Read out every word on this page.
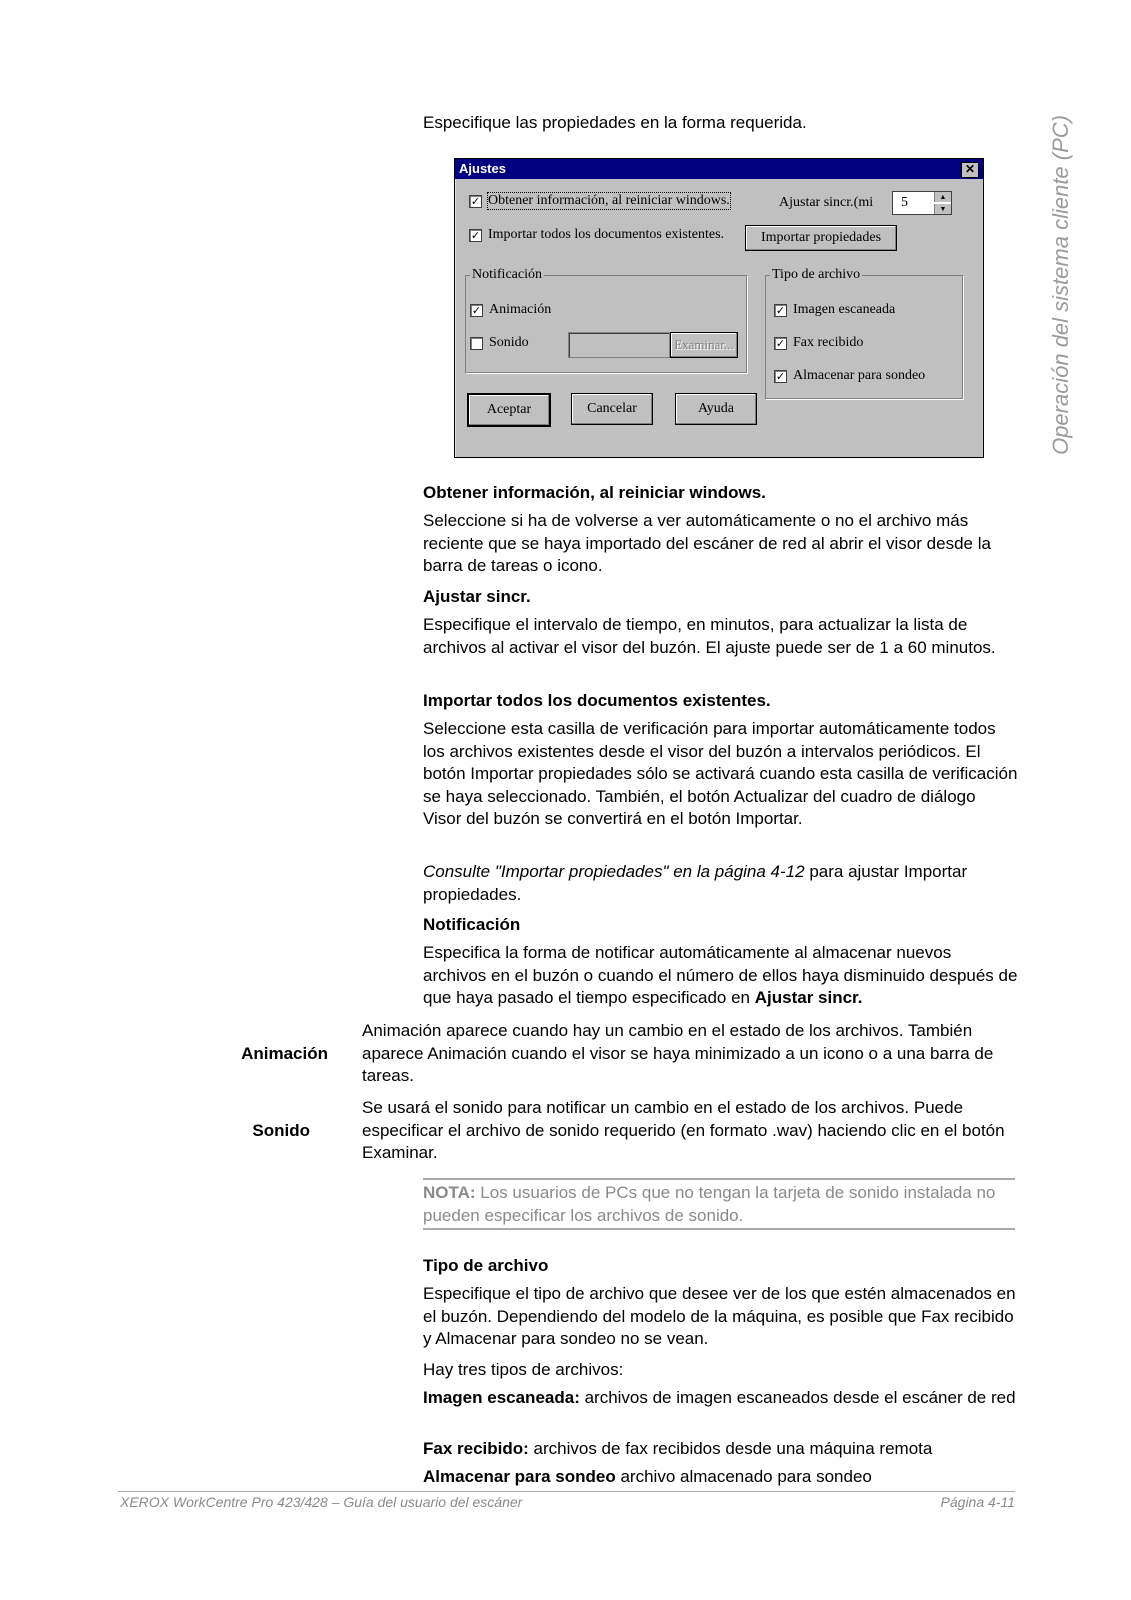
Operación del sistema cliente (PC)
Especifique las propiedades en la forma requerida.
Ajustes	✕
✓ Obtener información, al reiniciar windows.
✓ Importar todos los documentos existentes.
Ajustar sincr.(mi 5	▲
▼
Importar propiedades
Notificación
✓ Animación
Sonido	Examinar...
Tipo de archivo
✓ Imagen escaneada
✓ Fax recibido
✓ Almacenar para sondeo
Aceptar	Cancelar	Ayuda
Obtener información, al reiniciar windows.
Seleccione si ha de volverse a ver automáticamente o no el archivo más reciente que se haya importado del escáner de red al abrir el visor desde la barra de tareas o icono.
Ajustar sincr.
Especifique el intervalo de tiempo, en minutos, para actualizar la lista de archivos al activar el visor del buzón. El ajuste puede ser de 1 a 60 minutos.
Importar todos los documentos existentes.
Seleccione esta casilla de verificación para importar automáticamente todos los archivos existentes desde el visor del buzón a intervalos periódicos. El botón Importar propiedades sólo se activará cuando esta casilla de verificación se haya seleccionado. También, el botón Actualizar del cuadro de diálogo Visor del buzón se convertirá en el botón Importar.
Consulte "Importar propiedades" en la página 4-12 para ajustar Importar propiedades.
Notificación
Especifica la forma de notificar automáticamente al almacenar nuevos archivos en el buzón o cuando el número de ellos haya disminuido después de que haya pasado el tiempo especificado en Ajustar sincr.
Animación
Animación aparece cuando hay un cambio en el estado de los archivos. También aparece Animación cuando el visor se haya minimizado a un icono o a una barra de tareas.
Sonido
Se usará el sonido para notificar un cambio en el estado de los archivos. Puede especificar el archivo de sonido requerido (en formato .wav) haciendo clic en el botón Examinar.
NOTA: Los usuarios de PCs que no tengan la tarjeta de sonido instalada no pueden especificar los archivos de sonido.
Tipo de archivo
Especifique el tipo de archivo que desee ver de los que estén almacenados en el buzón. Dependiendo del modelo de la máquina, es posible que Fax recibido y Almacenar para sondeo no se vean.
Hay tres tipos de archivos:
Imagen escaneada: archivos de imagen escaneados desde el escáner de red
Fax recibido: archivos de fax recibidos desde una máquina remota
Almacenar para sondeo archivo almacenado para sondeo
XEROX WorkCentre Pro 423/428 – Guía del usuario del escáner	Página 4-11
